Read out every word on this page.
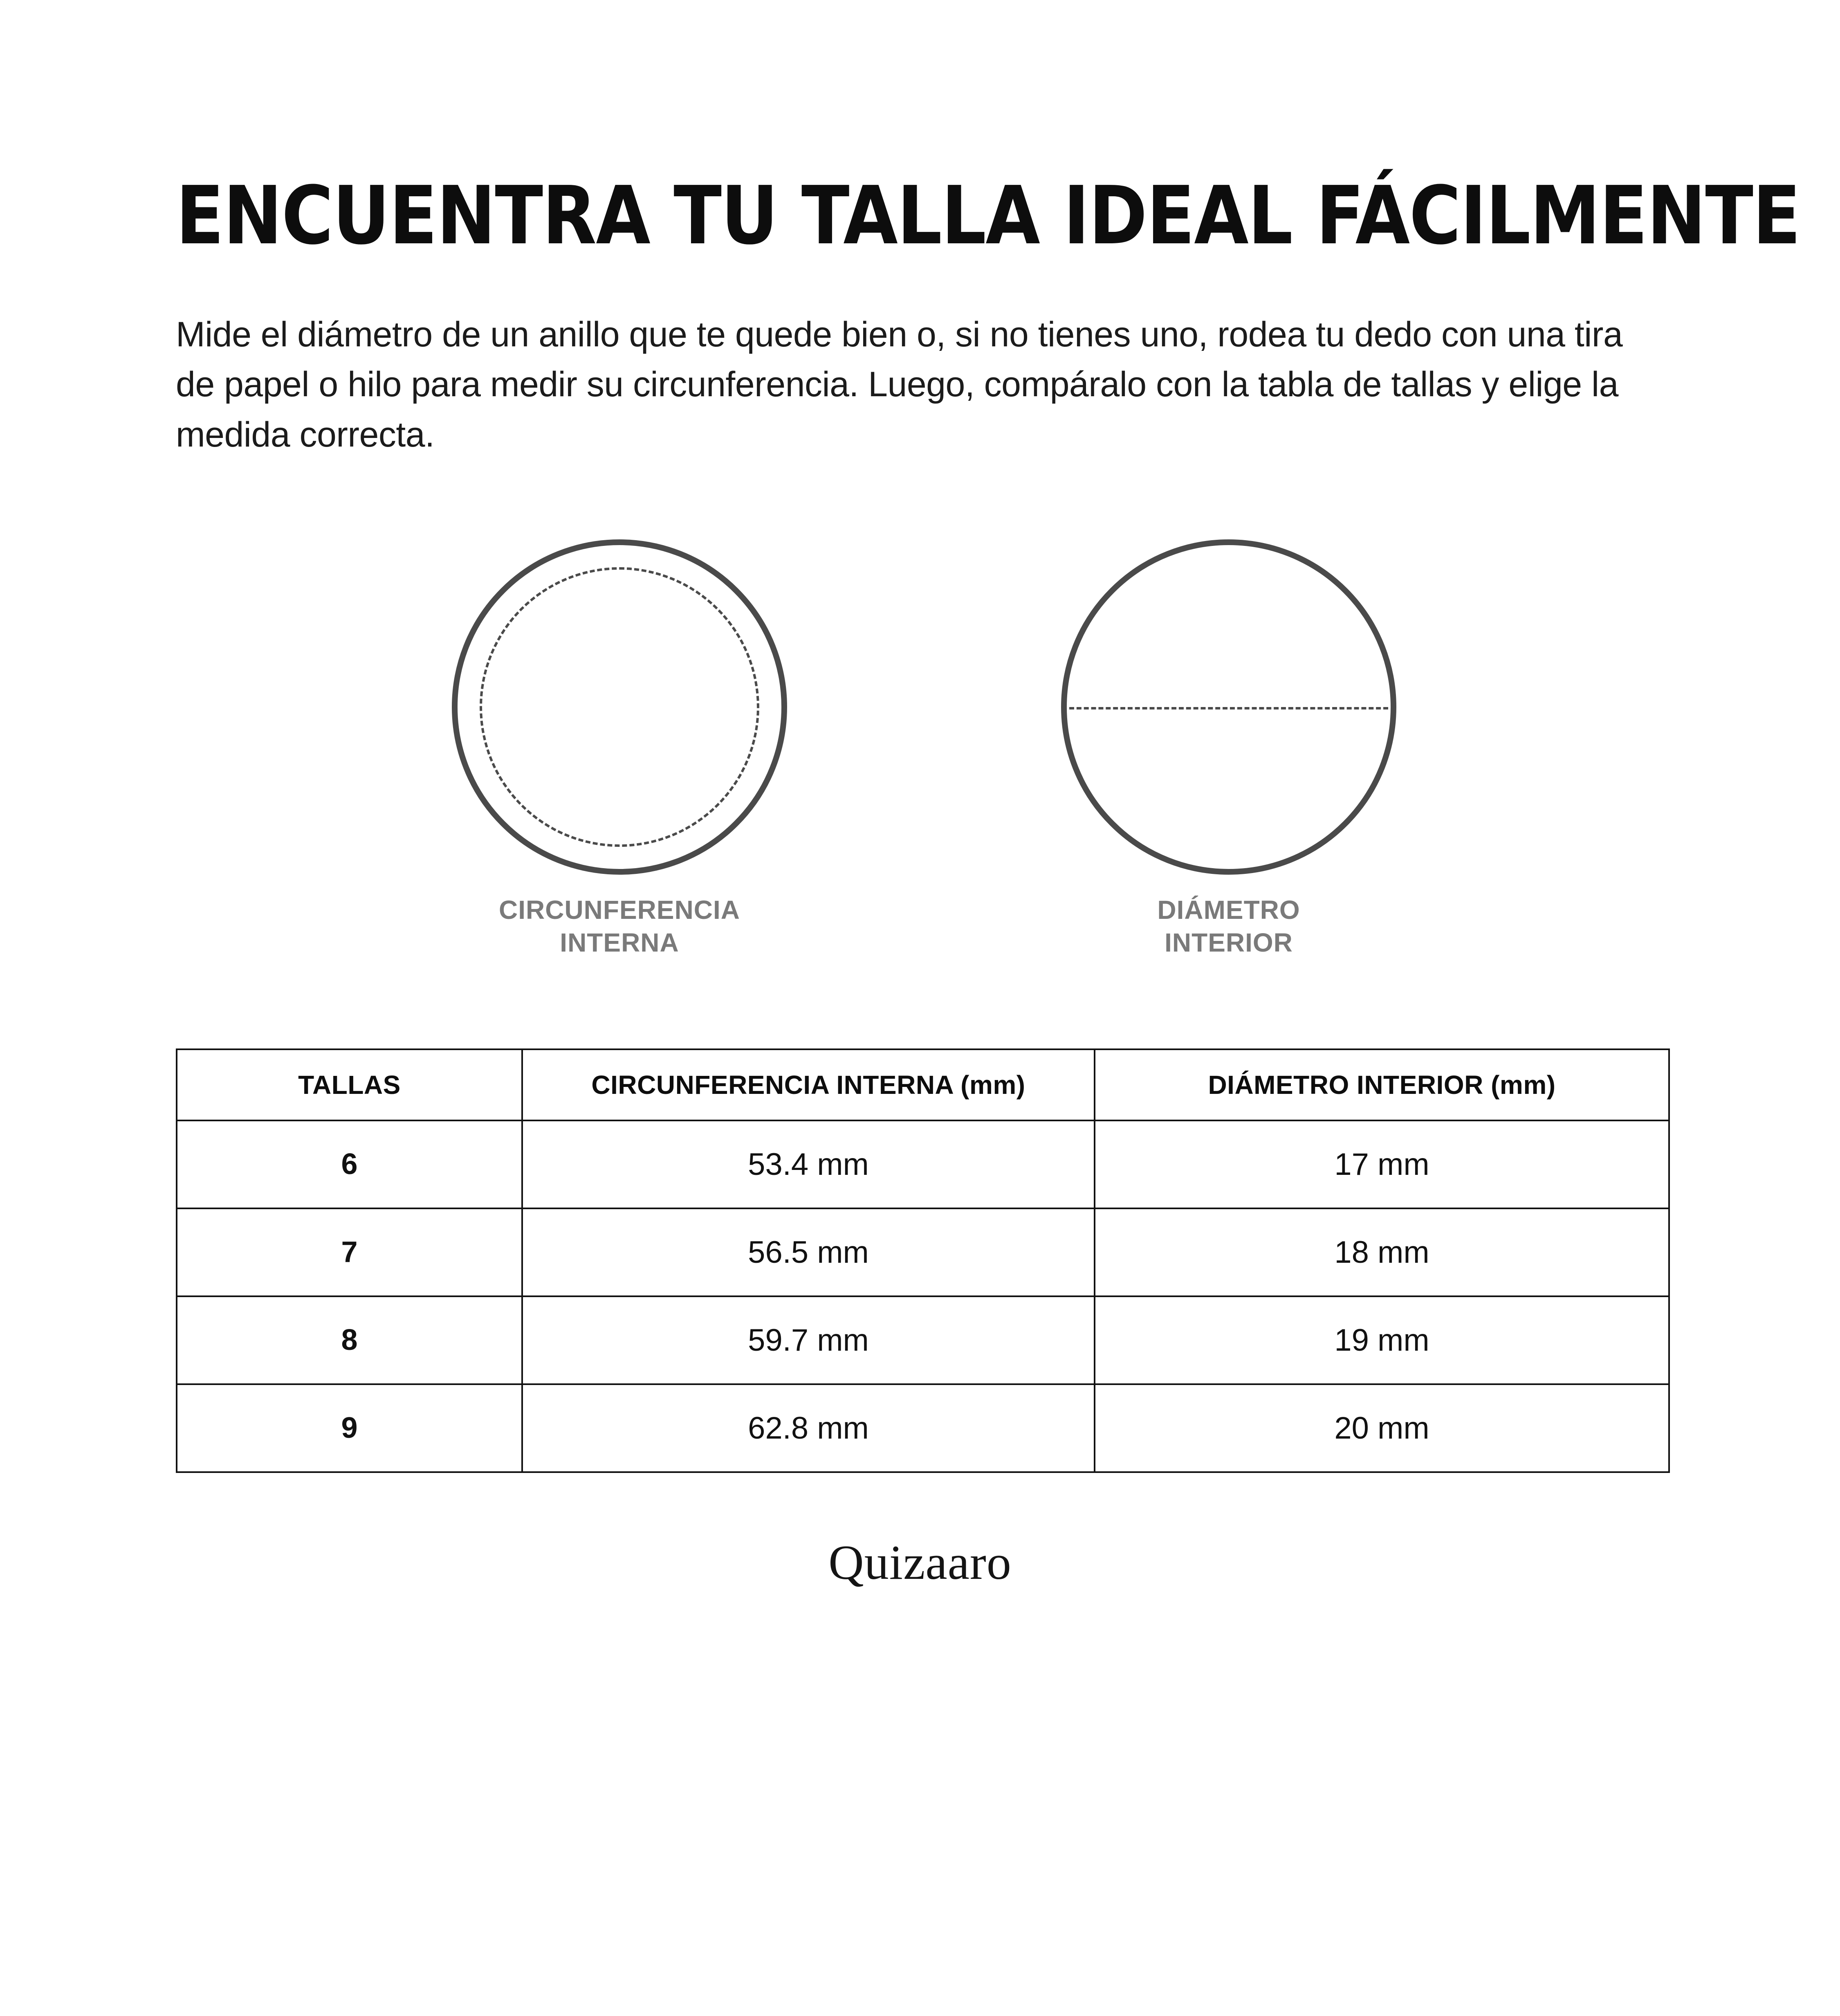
ENCUENTRA TU TALLA IDEAL FÁCILMENTE

Mide el diámetro de un anillo que te quede bien o, si no tienes uno, rodea tu dedo con una tira de papel o hilo para medir su circunferencia. Luego, compáralo con la tabla de tallas y elige la medida correcta.

CIRCUNFERENCIA
INTERNA
DIÁMETRO
INTERIOR
TALLAS	CIRCUNFERENCIA INTERNA (mm)	DIÁMETRO INTERIOR (mm)
6	53.4 mm	17 mm
7	56.5 mm	18 mm
8	59.7 mm	19 mm
9	62.8 mm	20 mm
Quizaaro
